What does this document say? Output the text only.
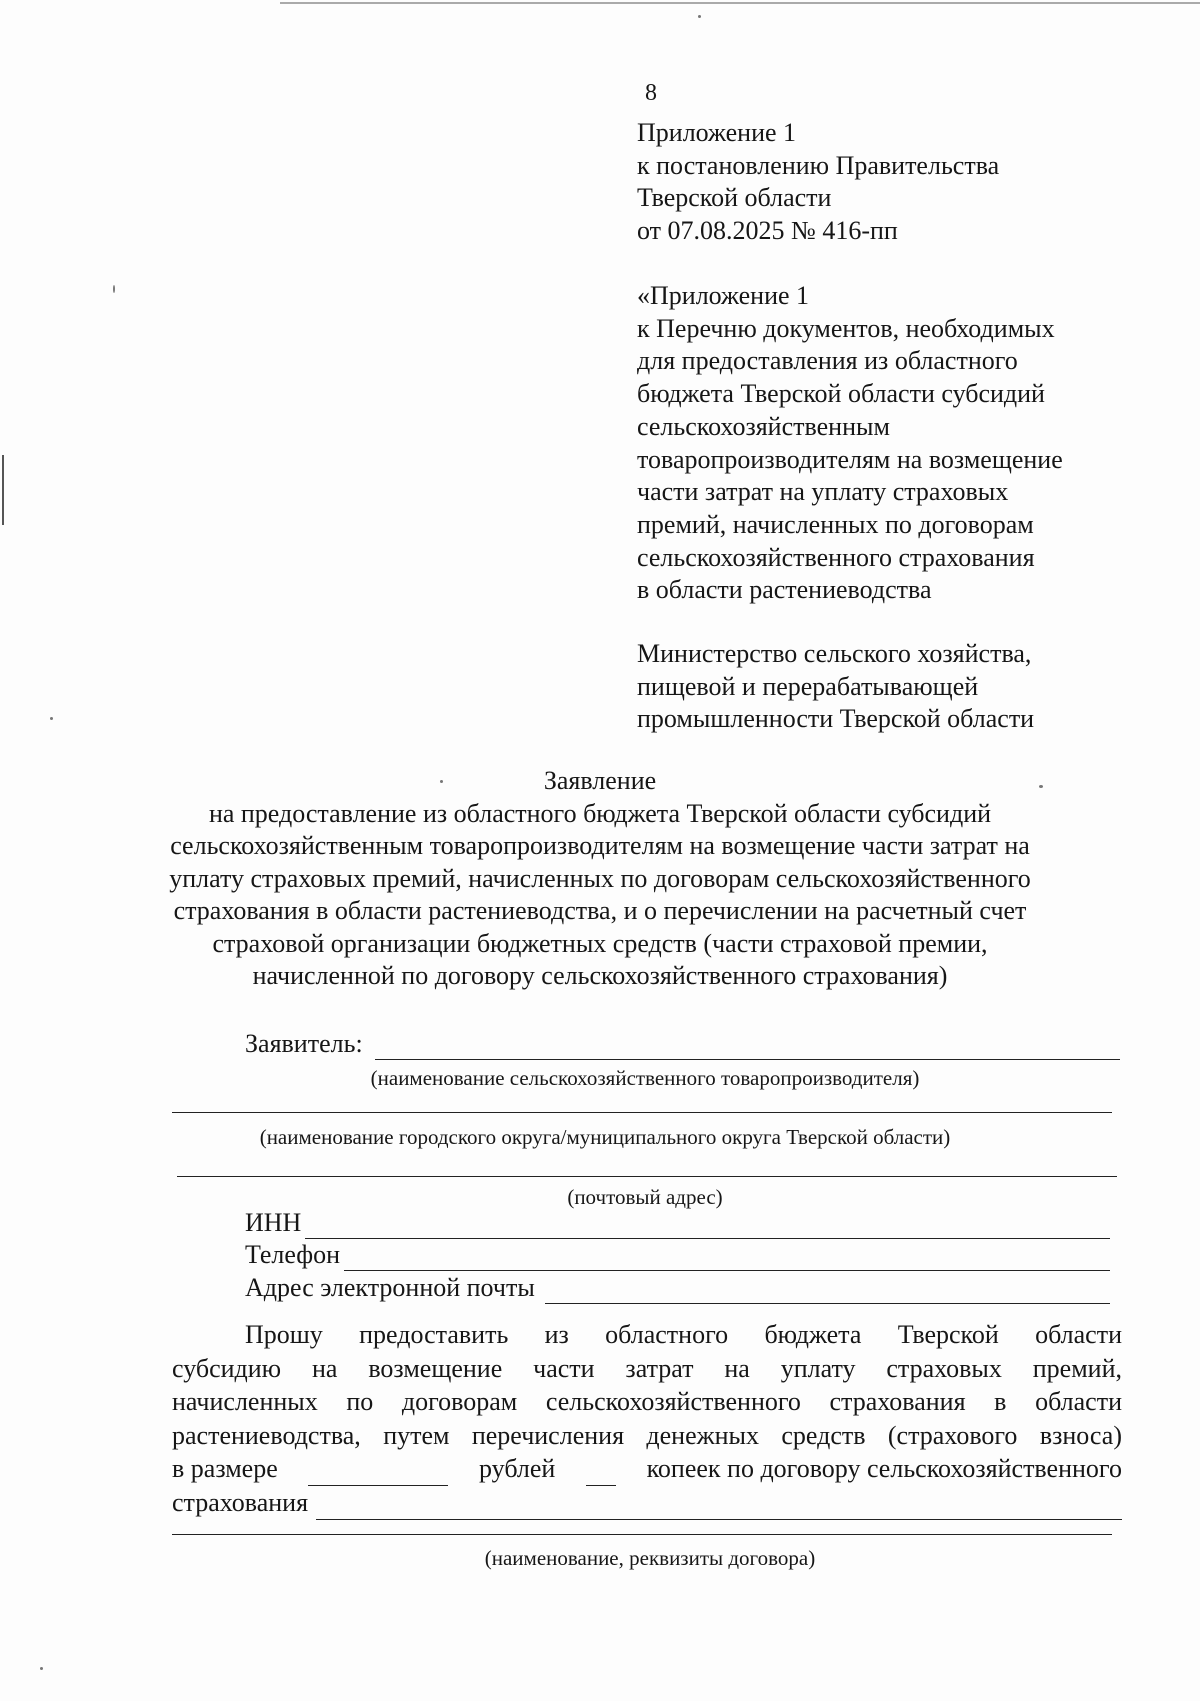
8
Приложение 1
к постановлению Правительства
Тверской области
от 07.08.2025 № 416-пп
«Приложение 1
к Перечню документов, необходимых
для предоставления из областного
бюджета Тверской области субсидий
сельскохозяйственным
товаропроизводителям на возмещение
части затрат на уплату страховых
премий, начисленных по договорам
сельскохозяйственного страхования
в области растениеводства
Министерство сельского хозяйства,
пищевой и перерабатывающей
промышленности Тверской области
Заявление
на предоставление из областного бюджета Тверской области субсидий
сельскохозяйственным товаропроизводителям на возмещение части затрат на
уплату страховых премий, начисленных по договорам сельскохозяйственного
страхования в области растениеводства, и о перечислении на расчетный счет
страховой организации бюджетных средств (части страховой премии,
начисленной по договору сельскохозяйственного страхования)
Заявитель:
(наименование сельскохозяйственного товаропроизводителя)
(наименование городского округа/муниципального округа Тверской области)
(почтовый адрес)
ИНН
Телефон
Адрес электронной почты
Прошу предоставить из областного бюджета Тверской области
субсидию на возмещение части затрат на уплату страховых премий,
начисленных по договорам сельскохозяйственного страхования в области
растениеводства, путем перечисления денежных средств (страхового взноса)
в размере	рублей	копеек по договору сельскохозяйственного
страхования
(наименование, реквизиты договора)
